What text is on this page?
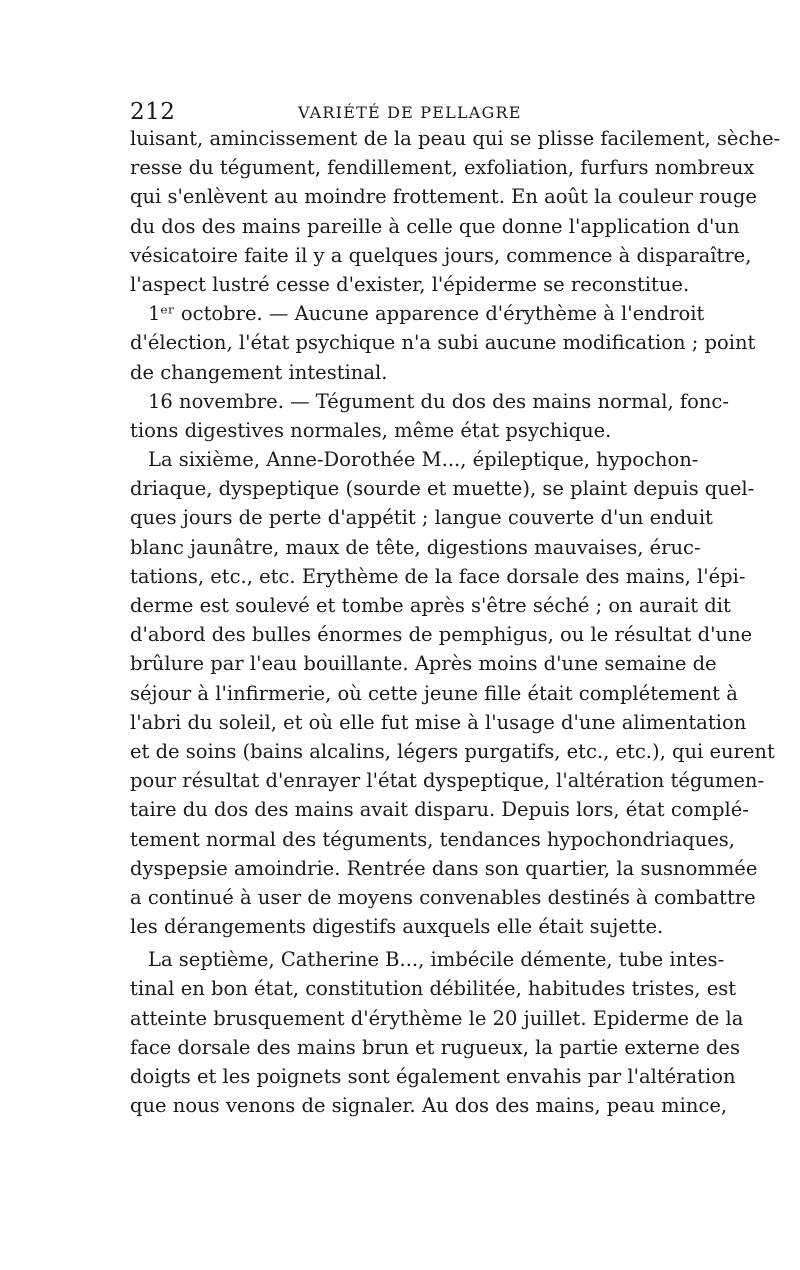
212	VARIÉTÉ DE PELLAGRE
luisant, amincissement de la peau qui se plisse facilement, sèche-
resse du tégument, fendillement, exfoliation, furfurs nombreux
qui s'enlèvent au moindre frottement. En août la couleur rouge
du dos des mains pareille à celle que donne l'application d'un
vésicatoire faite il y a quelques jours, commence à disparaître,
l'aspect lustré cesse d'exister, l'épiderme se reconstitue.
1ᵉʳ octobre. — Aucune apparence d'érythème à l'endroit
d'élection, l'état psychique n'a subi aucune modification ; point
de changement intestinal.
16 novembre. — Tégument du dos des mains normal, fonc-
tions digestives normales, même état psychique.
La sixième, Anne-Dorothée M..., épileptique, hypochon-
driaque, dyspeptique (sourde et muette), se plaint depuis quel-
ques jours de perte d'appétit ; langue couverte d'un enduit
blanc jaunâtre, maux de tête, digestions mauvaises, éruc-
tations, etc., etc. Erythème de la face dorsale des mains, l'épi-
derme est soulevé et tombe après s'être séché ; on aurait dit
d'abord des bulles énormes de pemphigus, ou le résultat d'une
brûlure par l'eau bouillante. Après moins d'une semaine de
séjour à l'infirmerie, où cette jeune fille était complétement à
l'abri du soleil, et où elle fut mise à l'usage d'une alimentation
et de soins (bains alcalins, légers purgatifs, etc., etc.), qui eurent
pour résultat d'enrayer l'état dyspeptique, l'altération tégumen-
taire du dos des mains avait disparu. Depuis lors, état complé-
tement normal des téguments, tendances hypochondriaques,
dyspepsie amoindrie. Rentrée dans son quartier, la susnommée
a continué à user de moyens convenables destinés à combattre
les dérangements digestifs auxquels elle était sujette.
La septième, Catherine B..., imbécile démente, tube intes-
tinal en bon état, constitution débilitée, habitudes tristes, est
atteinte brusquement d'érythème le 20 juillet. Epiderme de la
face dorsale des mains brun et rugueux, la partie externe des
doigts et les poignets sont également envahis par l'altération
que nous venons de signaler. Au dos des mains, peau mince,
